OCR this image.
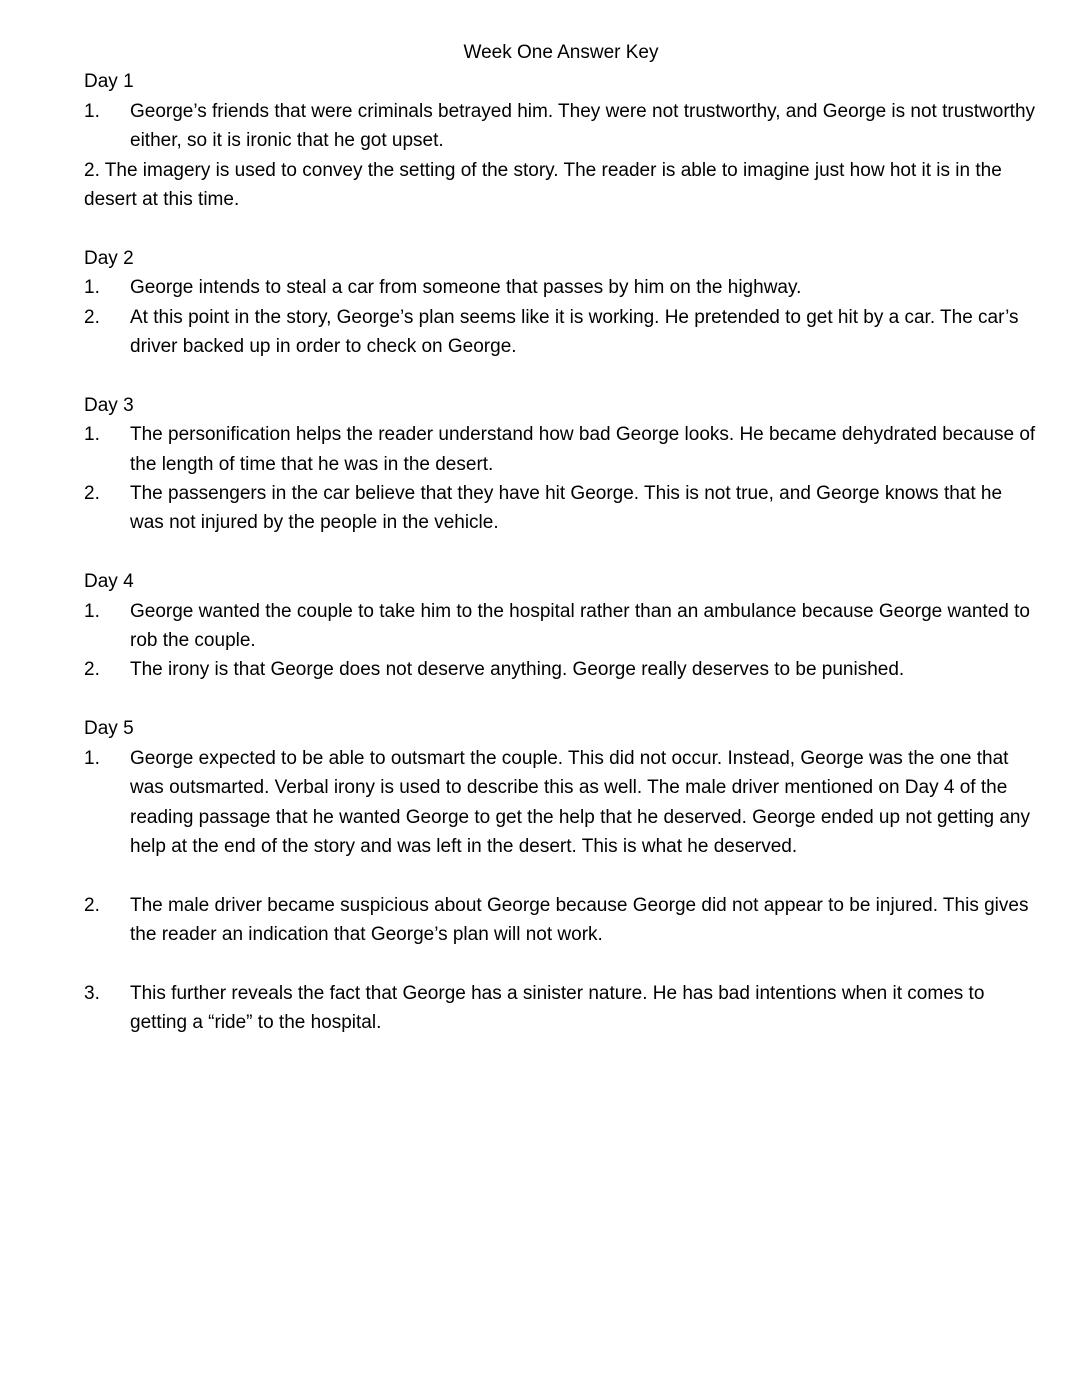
Week One Answer Key
Day 1
1.	George’s friends that were criminals betrayed him. They were not trustworthy, and George is not trustworthy either, so it is ironic that he got upset.
2. The imagery is used to convey the setting of the story. The reader is able to imagine just how hot it is in the desert at this time.
Day 2
1.	George intends to steal a car from someone that passes by him on the highway.
2.	At this point in the story, George’s plan seems like it is working. He pretended to get hit by a car. The car’s driver backed up in order to check on George.
Day 3
1.	The personification helps the reader understand how bad George looks. He became dehydrated because of the length of time that he was in the desert.
2.	The passengers in the car believe that they have hit George. This is not true, and George knows that he was not injured by the people in the vehicle.
Day 4
1.	George wanted the couple to take him to the hospital rather than an ambulance because George wanted to rob the couple.
2.	The irony is that George does not deserve anything. George really deserves to be punished.
Day 5
1.	George expected to be able to outsmart the couple. This did not occur. Instead, George was the one that was outsmarted. Verbal irony is used to describe this as well. The male driver mentioned on Day 4 of the reading passage that he wanted George to get the help that he deserved. George ended up not getting any help at the end of the story and was left in the desert. This is what he deserved.
2.	The male driver became suspicious about George because George did not appear to be injured. This gives the reader an indication that George’s plan will not work.
3.	This further reveals the fact that George has a sinister nature. He has bad intentions when it comes to getting a “ride” to the hospital.
